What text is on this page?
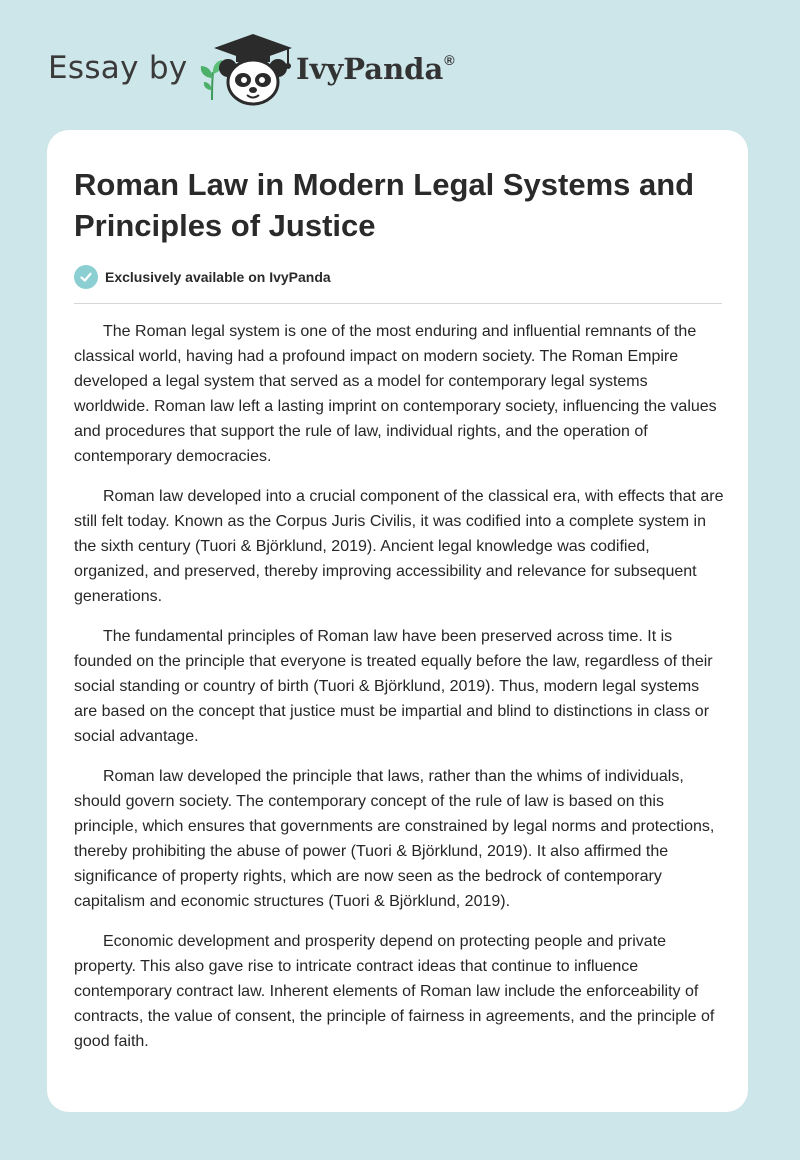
Essay by	IvyPanda®
Roman Law in Modern Legal Systems and Principles of Justice
Exclusively available on IvyPanda

The Roman legal system is one of the most enduring and influential remnants of the classical world, having had a profound impact on modern society. The Roman Empire developed a legal system that served as a model for contemporary legal systems worldwide. Roman law left a lasting imprint on contemporary society, influencing the values and procedures that support the rule of law, individual rights, and the operation of contemporary democracies.

Roman law developed into a crucial component of the classical era, with effects that are still felt today. Known as the Corpus Juris Civilis, it was codified into a complete system in the sixth century (Tuori & Björklund, 2019). Ancient legal knowledge was codified, organized, and preserved, thereby improving accessibility and relevance for subsequent generations.

The fundamental principles of Roman law have been preserved across time. It is founded on the principle that everyone is treated equally before the law, regardless of their social standing or country of birth (Tuori & Björklund, 2019). Thus, modern legal systems are based on the concept that justice must be impartial and blind to distinctions in class or social advantage.

Roman law developed the principle that laws, rather than the whims of individuals, should govern society. The contemporary concept of the rule of law is based on this principle, which ensures that governments are constrained by legal norms and protections, thereby prohibiting the abuse of power (Tuori & Björklund, 2019). It also affirmed the significance of property rights, which are now seen as the bedrock of contemporary capitalism and economic structures (Tuori & Björklund, 2019).

Economic development and prosperity depend on protecting people and private property. This also gave rise to intricate contract ideas that continue to influence contemporary contract law. Inherent elements of Roman law include the enforceability of contracts, the value of consent, the principle of fairness in agreements, and the principle of good faith.
